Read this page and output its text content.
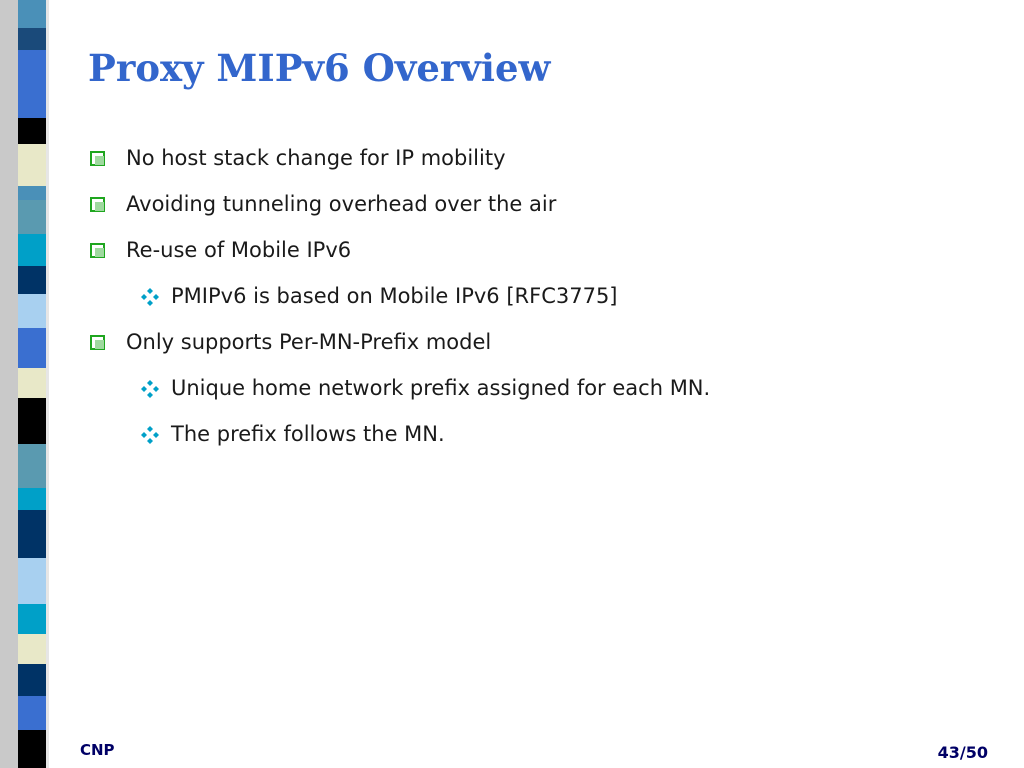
Proxy MIPv6 Overview
No host stack change for IP mobility
Avoiding tunneling overhead over the air
Re-use of Mobile IPv6
PMIPv6 is based on Mobile IPv6 [RFC3775]
Only supports Per-MN-Prefix model
Unique home network prefix assigned for each MN.
The prefix follows the MN.
CNP	43/50
